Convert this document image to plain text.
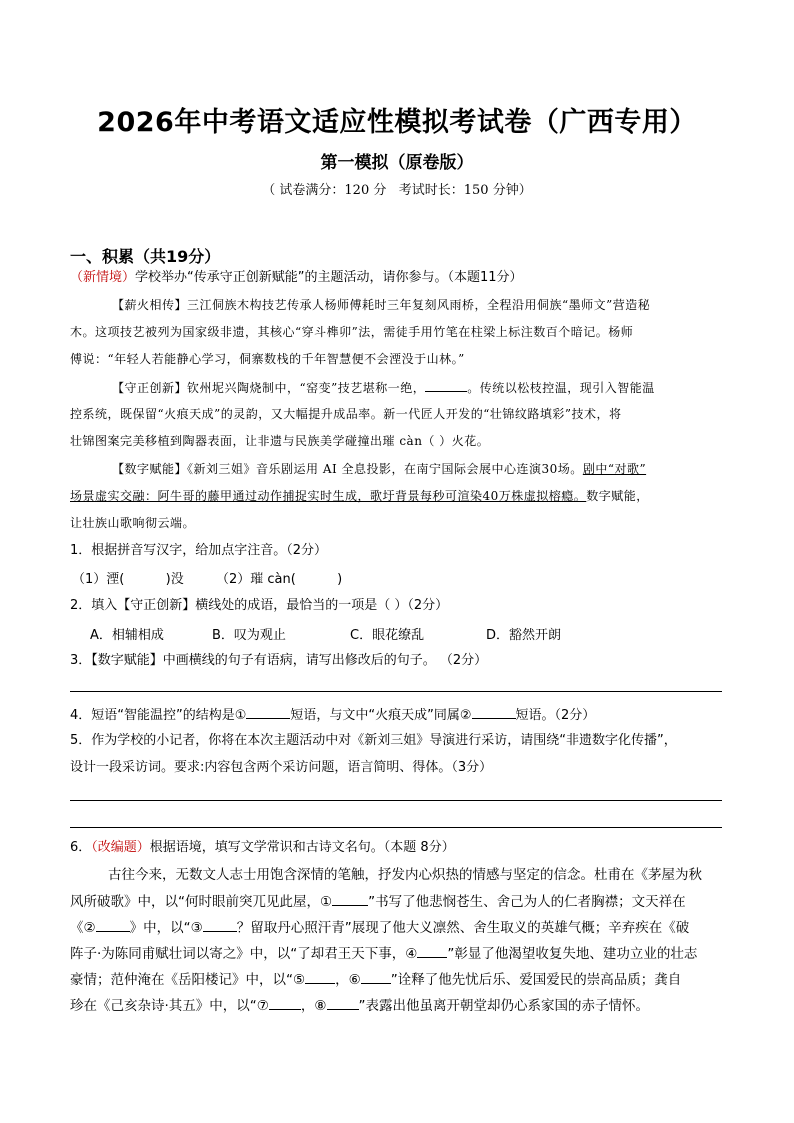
2026年中考语文适应性模拟考试卷（广西专用）
第一模拟（原卷版）
（ 试卷满分：120 分   考试时长：150 分钟）
一、积累（共19分）
（新情境）学校举办“传承守正创新赋能”的主题活动，请你参与。（本题11分）
【薪火相传】三江侗族木构技艺传承人杨师傅耗时三年复刻风雨桥，全程沿用侗族“墨师文”营造秘
木。这项技艺被列为国家级非遗，其核心“穿斗榫卯”法，需徒手用竹笔在柱梁上标注数百个暗记。杨师
傅说：“年轻人若能静心学习，侗寨数栈的千年智慧便不会湮没于山林。”
【守正创新】钦州坭兴陶烧制中，“窑变”技艺堪称一绝，	。传统以松枝控温，现引入智能温
控系统，既保留“火痕天成”的灵韵，又大幅提升成品率。新一代匠人开发的“壮锦纹路填彩”技术，将
壮锦图案完美移植到陶器表面，让非遗与民族美学碰撞出璀 càn（ ）火花。
【数字赋能】《新刘三姐》音乐剧运用 AI 全息投影，在南宁国际会展中心连演30场。剧中“对歌”
场景虚实交融：阿牛哥的藤甲通过动作捕捉实时生成，歌圩背景每秒可渲染40万株虚拟榕瘾。数字赋能，
让壮族山歌响彻云端。
1．根据拼音写汉字，给加点字注音。（2分）
（1）湮(          )没 （2）璀 càn(          )
2．填入【守正创新】横线处的成语，最恰当的一项是（ ）（2分）
A．相辅相成	B．叹为观止	C．眼花缭乱	D．豁然开朗
3．【数字赋能】中画横线的句子有语病，请写出修改后的句子。 （2分）
4．短语“智能温控”的结构是①	短语，与文中“火痕天成”同属②	短语。（2分）
5．作为学校的小记者，你将在本次主题活动中对《新刘三姐》导演进行采访，请围绕“非遗数字化传播”，
设计一段采访词。要求:内容包含两个采访问题，语言简明、得体。（3分）
6．（改编题）根据语境，填写文学常识和古诗文名句。（本题 8分）
古往今来，无数文人志士用饱含深情的笔触，抒发内心炽热的情感与坚定的信念。杜甫在《茅屋为秋
风所破歌》中，以“何时眼前突兀见此屋，①	”书写了他悲悯苍生、舍己为人的仁者胸襟；文天祥在
《②	》中，以“③	？留取丹心照汗青”展现了他大义凛然、舍生取义的英雄气概；辛弃疾在《破
阵子·为陈同甫赋壮词以寄之》中，以“了却君王天下事，④ ”彰显了他渴望收复失地、建功立业的壮志
豪情；范仲淹在《岳阳楼记》中，以“⑤ ，⑥ ”诠释了他先忧后乐、爱国爱民的崇高品质；龚自
珍在《己亥杂诗·其五》中，以“⑦ ，⑧ ”表露出他虽离开朝堂却仍心系家国的赤子情怀。
